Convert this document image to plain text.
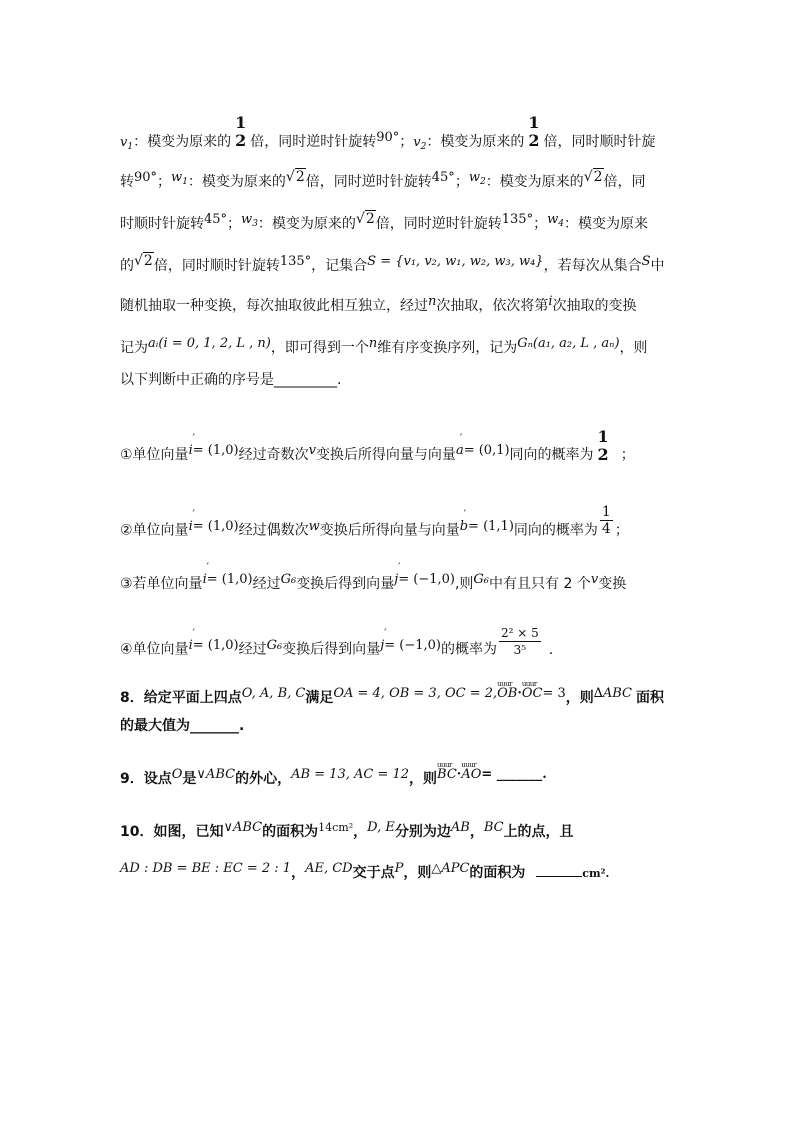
$v_1$：模变为原来的
1
2 倍，同时逆时针旋转90°；$v_2$：模变为原来的
1
2 倍，同时顺时针旋
转90°；$w_1$：模变为原来的√2倍，同时逆时针旋转45°；$w_2$：模变为原来的√2倍，同
时顺时针旋转45°；$w_3$：模变为原来的√2倍，同时逆时针旋转135°；$w_4$：模变为原来
的√2倍，同时顺时针旋转135°，记集合S = {v₁, v₂, w₁, w₂, w₃, w₄}，若每次从集合S中
随机抽取一种变换，每次抽取彼此相互独立，经过n次抽取，依次将第i次抽取的变换
记为aᵢ(i = 0, 1, 2, L , n)，即可得到一个n维有序变换序列，记为Gₙ(a₁, a₂, L , aₙ)，则
以下判断中正确的序号是_________.
①单位向量ˊ i= (1,0)经过奇数次v变换后所得向量与向量ˊ a= (0,1)同向的概率为
1
2 ；
②单位向量ˊ i= (1,0)经过偶数次w变换后所得向量与向量ˊ b= (1,1)同向的概率为 $\frac{1}{4}$ ；
③若单位向量ˊ i= (1,0)经过G₆变换后得到向量ˊ j= (−1,0),则G₆中有且只有 2 个v变换
④单位向量ˊ i= (1,0)经过G₆变换后得到向量ˊ j= (−1,0)的概率为 $\frac{\text{2² × 5}}{\text{3⁵}}$ .
8．给定平面上四点O, A, B, C满足OA = 4, OB = 3, OC = 2,uuur OB·uuur OC= 3，则∆ABC 面积
的最大值为_______.
9．设点O是∨ABC的外心，AB = 13, AC = 12，则uuur BC·uuur AO= _______.
10．如图，已知∨ABC的面积为$^{14cm^2}$，D, E分别为边AB，BC上的点，且
AD : DB = BE : EC = 2 : 1，AE, CD交于点P，则△APC的面积为	cm².
